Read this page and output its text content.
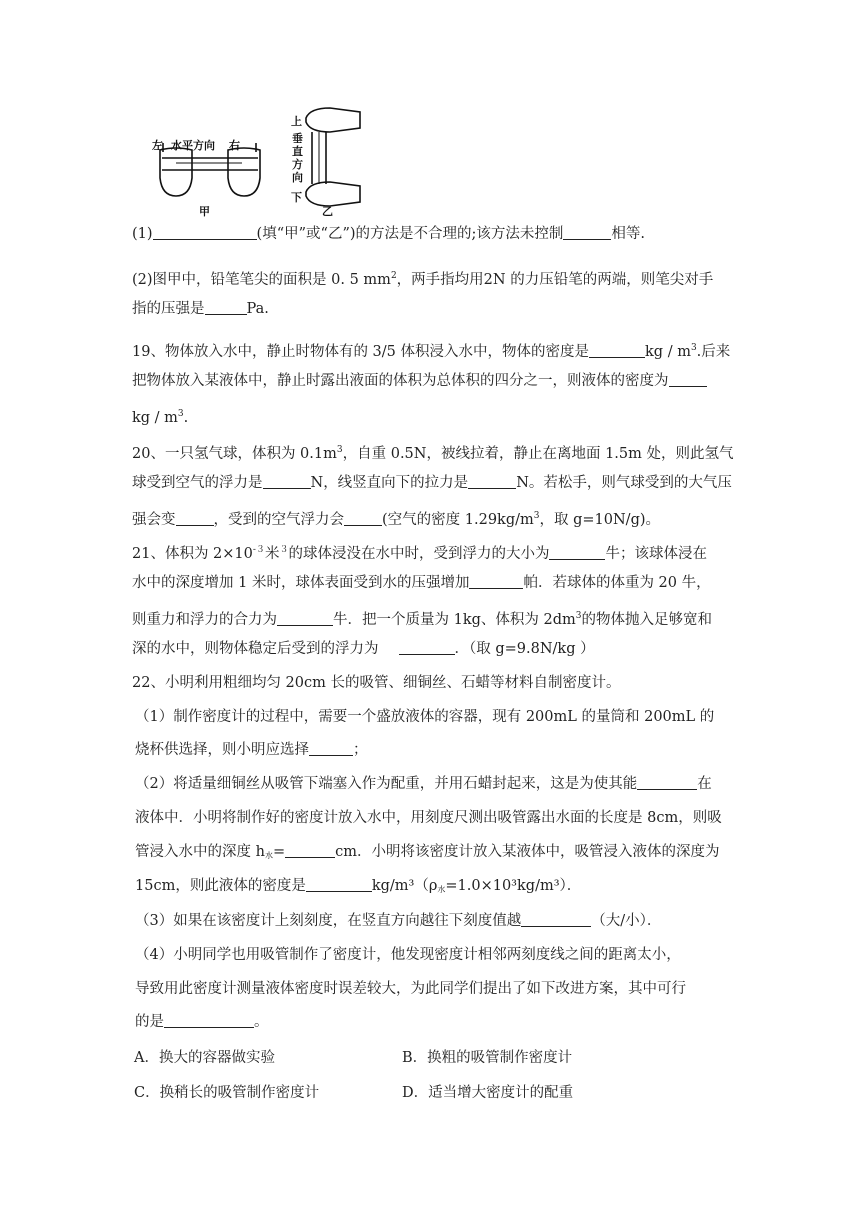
左 水平方向 右
甲
上
垂直方向
下
乙
(1)	(填“甲”或“乙”)的方法是不合理的;该方法未控制	相等.
(2)图甲中，铅笔笔尖的面积是 0. 5 $mm^2$，两手指均用2N 的力压铅笔的两端，则笔尖对手
指的压强是	Pa.
19、物体放入水中，静止时物体有的 3/5 体积浸入水中，物体的密度是	kg / $m^3$.后来
把物体放入某液体中，静止时露出液面的体积为总体积的四分之一，则液体的密度为
kg / $m^3$.
20、一只氢气球，体积为 $0.1m^3$，自重 0.5N，被线拉着，静止在离地面 1.5m 处，则此氢气
球受到空气的浮力是	N，线竖直向下的拉力是	N。若松手，则气球受到的大气压
强会变	，受到的空气浮力会	(空气的密度 $1.29kg/m^3$，取 g=10N/g)。
21、体积为 $2\times 10^{-3}$米$^3$的球体浸没在水中时，受到浮力的大小为	牛；该球体浸在
水中的深度增加 1 米时，球体表面受到水的压强增加	帕．若球体的体重为 20 牛，
则重力和浮力的合力为	牛．把一个质量为 1kg、体积为 $2dm^3$的物体抛入足够宽和
深的水中，则物体稳定后受到的浮力为	．（取 g=9.8N/kg ）
22、小明利用粗细均匀 20cm 长的吸管、细铜丝、石蜡等材料自制密度计。
（1）制作密度计的过程中，需要一个盛放液体的容器，现有 200mL 的量筒和 200mL 的
烧杯供选择，则小明应选择	；
（2）将适量细铜丝从吸管下端塞入作为配重，并用石蜡封起来，这是为使其能	在
液体中．小明将制作好的密度计放入水中，用刻度尺测出吸管露出水面的长度是 8cm，则吸
管浸入水中的深度 $h_水=$	cm．小明将该密度计放入某液体中，吸管浸入液体的深度为
15cm，则此液体的密度是	$kg/m^3(\rho_水=1.0\times 10^3kg/m^3)$．
（3）如果在该密度计上刻刻度，在竖直方向越往下刻度值越	（大/小）．
（4）小明同学也用吸管制作了密度计，他发现密度计相邻两刻度线之间的距离太小，
导致用此密度计测量液体密度时误差较大，为此同学们提出了如下改进方案，其中可行
的是	。
A．换大的容器做实验	B．换粗的吸管制作密度计
C．换稍长的吸管制作密度计	D．适当增大密度计的配重
